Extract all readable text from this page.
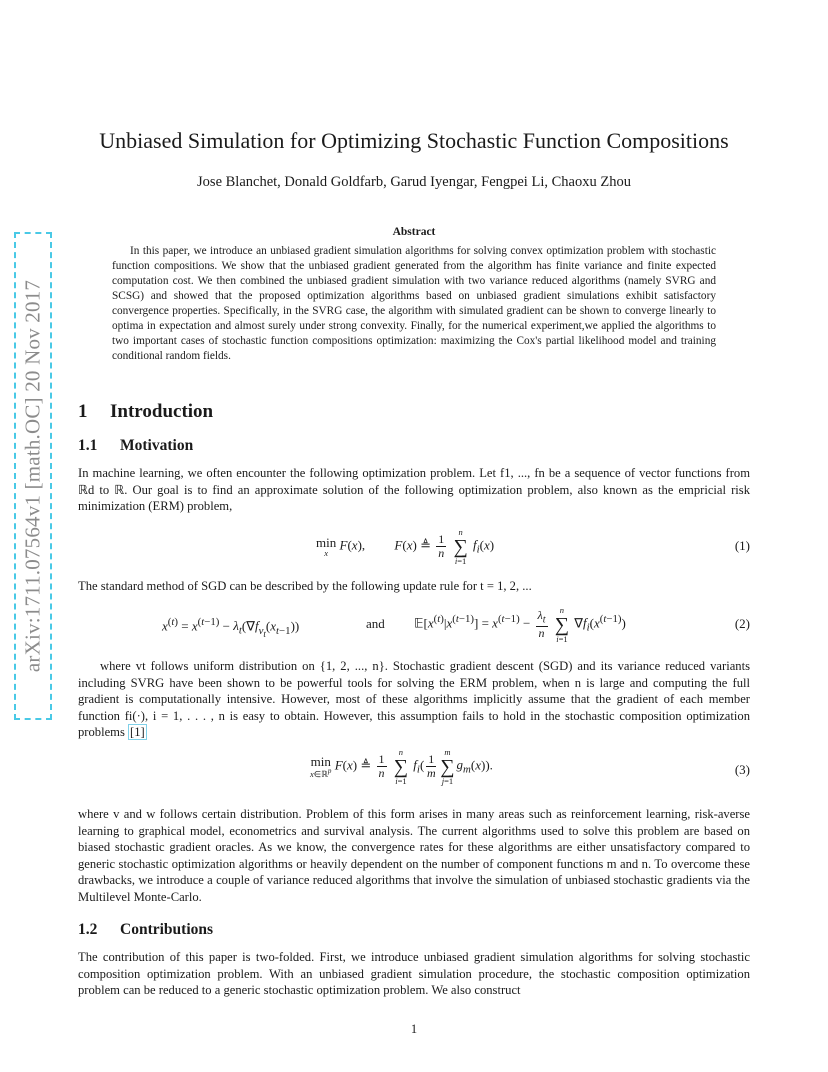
arXiv:1711.07564v1 [math.OC] 20 Nov 2017
Unbiased Simulation for Optimizing Stochastic Function Compositions
Jose Blanchet, Donald Goldfarb, Garud Iyengar, Fengpei Li, Chaoxu Zhou
Abstract
In this paper, we introduce an unbiased gradient simulation algorithms for solving convex optimization problem with stochastic function compositions. We show that the unbiased gradient generated from the algorithm has finite variance and finite expected computation cost. We then combined the unbiased gradient simulation with two variance reduced algorithms (namely SVRG and SCSG) and showed that the proposed optimization algorithms based on unbiased gradient simulations exhibit satisfactory convergence properties. Specifically, in the SVRG case, the algorithm with simulated gradient can be shown to converge linearly to optima in expectation and almost surely under strong convexity. Finally, for the numerical experiment,we applied the algorithms to two important cases of stochastic function compositions optimization: maximizing the Cox's partial likelihood model and training conditional random fields.
1 Introduction
1.1 Motivation
In machine learning, we often encounter the following optimization problem. Let f1, ..., fn be a sequence of vector functions from ℝd to ℝ. Our goal is to find an approximate solution of the following optimization problem, also known as the empricial risk minimization (ERM) problem,
min
x
F(x),         F(x) ≜ $\frac{1}{n}$

n
∑
i=1
$f_i(x)$	(1)
The standard method of SGD can be described by the following update rule for t = 1, 2, ...
$x^{(t)} = x^{(t-1)} - \lambda_t(\nabla f_{v_t}(x_{t-1}))$	and $𝔼[x^{(t)}|x^{(t-1)}] = x^{(t-1)} - \frac{\lambda_t}{n}$
	n
∑
i=1
$\nabla f_i(x^{(t-1)})$	(2)
where vt follows uniform distribution on {1, 2, ..., n}. Stochastic gradient descent (SGD) and its variance reduced variants including SVRG have been shown to be powerful tools for solving the ERM problem, when n is large and computing the full gradient is computationally intensive. However, most of these algorithms implicitly assume that the gradient of each member function fi(·), i = 1, . . . , n is easy to obtain. However, this assumption fails to hold in the stochastic composition optimization problems [1]
min
x∈ℝ$^p$ F(x) ≜ $\frac{1}{n}$

n
∑
i=1
$f_i( \frac{1}{m}$
m
∑
j=1
$g_m(x)$).	(3)
where v and w follows certain distribution. Problem of this form arises in many areas such as reinforcement learning, risk-averse learning to graphical model, econometrics and survival analysis. The current algorithms used to solve this problem are based on biased stochastic gradient oracles. As we know, the convergence rates for these algorithms are either unsatisfactory compared to generic stochastic optimization algorithms or heavily dependent on the number of component functions m and n. To overcome these drawbacks, we introduce a couple of variance reduced algorithms that involve the simulation of unbiased stochastic gradients via the Multilevel Monte-Carlo.
1.2 Contributions
The contribution of this paper is two-folded. First, we introduce unbiased gradient simulation algorithms for solving stochastic composition optimization problem. With an unbiased gradient simulation procedure, the stochastic composition optimization problem can be reduced to a generic stochastic optimization problem. We also construct
1
